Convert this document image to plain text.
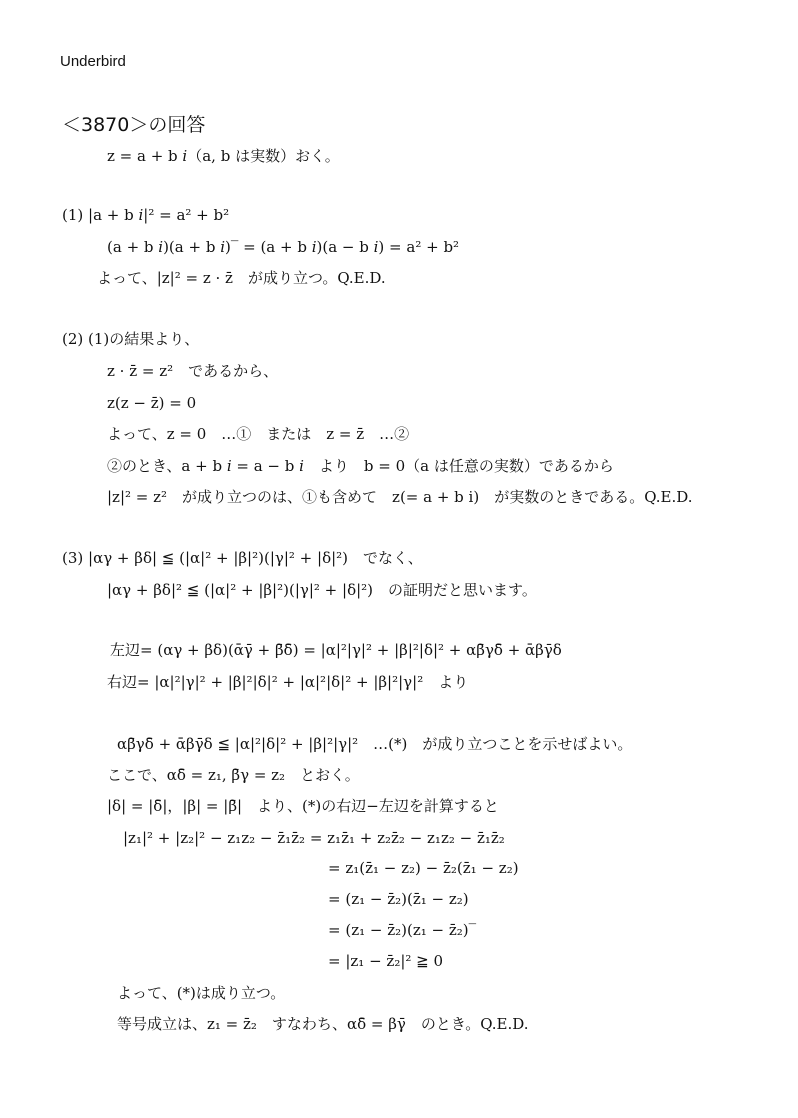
Underbird
＜3870＞の回答
z = a + b 𝑖（a, b は実数）おく。
(1) |a + b 𝑖|² = a² + b²
(a + b 𝑖)(a + b 𝑖)‾ = (a + b 𝑖)(a − b 𝑖) = a² + b²
よって、|z|² = z · z̄　が成り立つ。Q.E.D.
(2) (1)の結果より、
z · z̄ = z²　であるから、
z(z − z̄) = 0
よって、z = 0　…①　または　z = z̄　…②
②のとき、a + b 𝑖 = a − b 𝑖　より　b = 0（a は任意の実数）であるから
|z|² = z²　が成り立つのは、①も含めて　z(= a + b i)　が実数のときである。Q.E.D.
(3) |αγ + βδ| ≦ (|α|² + |β|²)(|γ|² + |δ|²)　でなく、
|αγ + βδ|² ≦ (|α|² + |β|²)(|γ|² + |δ|²)　の証明だと思います。
左辺= (αγ + βδ)(ᾱγ̄ + β̄δ̄) = |α|²|γ|² + |β|²|δ|² + αβ̄γδ̄ + ᾱβγ̄δ
右辺= |α|²|γ|² + |β|²|δ|² + |α|²|δ|² + |β|²|γ|²　より
αβ̄γδ̄ + ᾱβγ̄δ ≦ |α|²|δ|² + |β|²|γ|²　…(*)　が成り立つことを示せばよい。
ここで、αδ̄ = z₁, β̄γ = z₂　とおく。
|δ| = |δ̄|，|β| = |β̄|　より、(*)の右辺−左辺を計算すると
|z₁|² + |z₂|² − z₁z₂ − z̄₁z̄₂ = z₁z̄₁ + z₂z̄₂ − z₁z₂ − z̄₁z̄₂
= z₁(z̄₁ − z₂) − z̄₂(z̄₁ − z₂)
= (z₁ − z̄₂)(z̄₁ − z₂)
= (z₁ − z̄₂)(z₁ − z̄₂)‾
= |z₁ − z̄₂|² ≧ 0
よって、(*)は成り立つ。
等号成立は、z₁ = z̄₂　すなわち、αδ̄ = βγ̄　のとき。Q.E.D.
